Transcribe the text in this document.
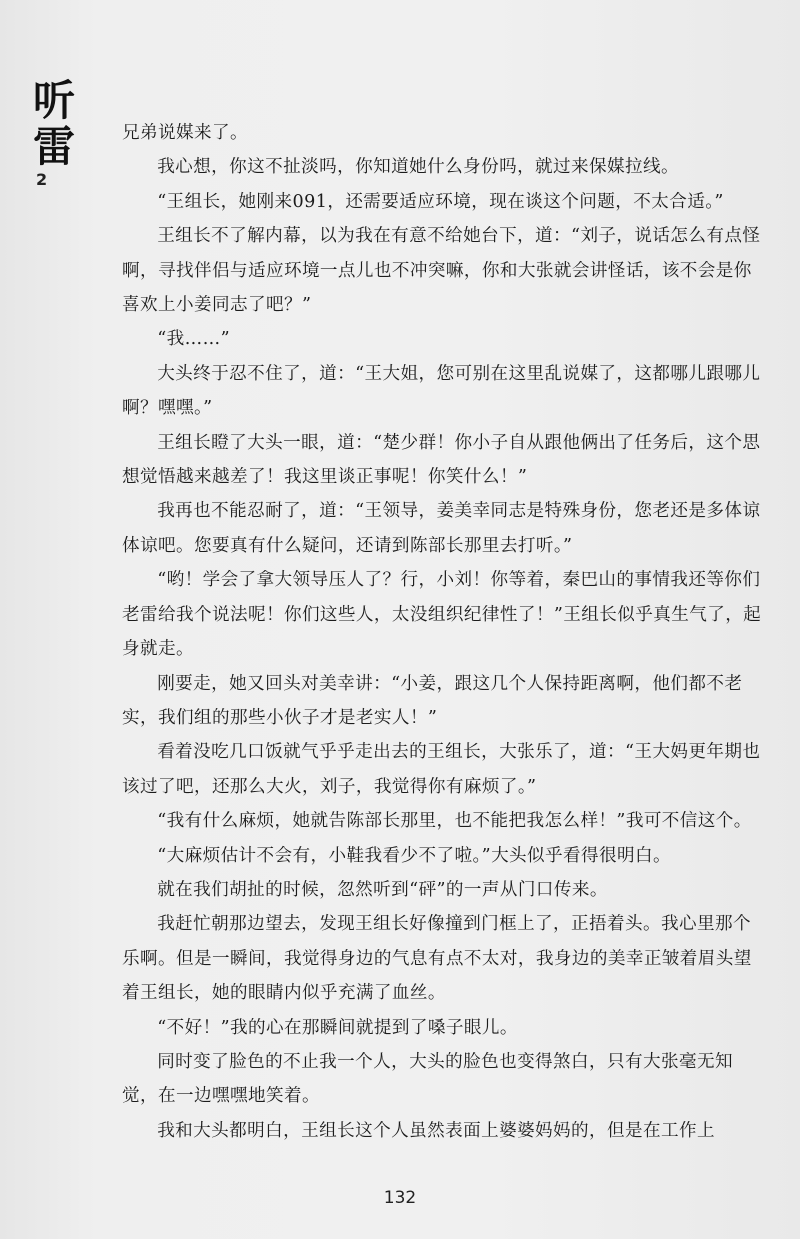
听雷
2

兄弟说媒来了。

我心想，你这不扯淡吗，你知道她什么身份吗，就过来保媒拉线。

“王组长，她刚来091，还需要适应环境，现在谈这个问题，不太合适。”

王组长不了解内幕，以为我在有意不给她台下，道：“刘子，说话怎么有点怪啊，寻找伴侣与适应环境一点儿也不冲突嘛，你和大张就会讲怪话，该不会是你喜欢上小姜同志了吧？”

“我……”

大头终于忍不住了，道：“王大姐，您可别在这里乱说媒了，这都哪儿跟哪儿啊？嘿嘿。”

王组长瞪了大头一眼，道：“楚少群！你小子自从跟他俩出了任务后，这个思想觉悟越来越差了！我这里谈正事呢！你笑什么！”

我再也不能忍耐了，道：“王领导，姜美幸同志是特殊身份，您老还是多体谅体谅吧。您要真有什么疑问，还请到陈部长那里去打听。”

“哟！学会了拿大领导压人了？行，小刘！你等着，秦巴山的事情我还等你们老雷给我个说法呢！你们这些人，太没组织纪律性了！”王组长似乎真生气了，起身就走。

刚要走，她又回头对美幸讲：“小姜，跟这几个人保持距离啊，他们都不老实，我们组的那些小伙子才是老实人！”

看着没吃几口饭就气乎乎走出去的王组长，大张乐了，道：“王大妈更年期也该过了吧，还那么大火，刘子，我觉得你有麻烦了。”

“我有什么麻烦，她就告陈部长那里，也不能把我怎么样！”我可不信这个。

“大麻烦估计不会有，小鞋我看少不了啦。”大头似乎看得很明白。

就在我们胡扯的时候，忽然听到“砰”的一声从门口传来。

我赶忙朝那边望去，发现王组长好像撞到门框上了，正捂着头。我心里那个乐啊。但是一瞬间，我觉得身边的气息有点不太对，我身边的美幸正皱着眉头望着王组长，她的眼睛内似乎充满了血丝。

“不好！”我的心在那瞬间就提到了嗓子眼儿。

同时变了脸色的不止我一个人，大头的脸色也变得煞白，只有大张毫无知觉，在一边嘿嘿地笑着。

我和大头都明白，王组长这个人虽然表面上婆婆妈妈的，但是在工作上

132
